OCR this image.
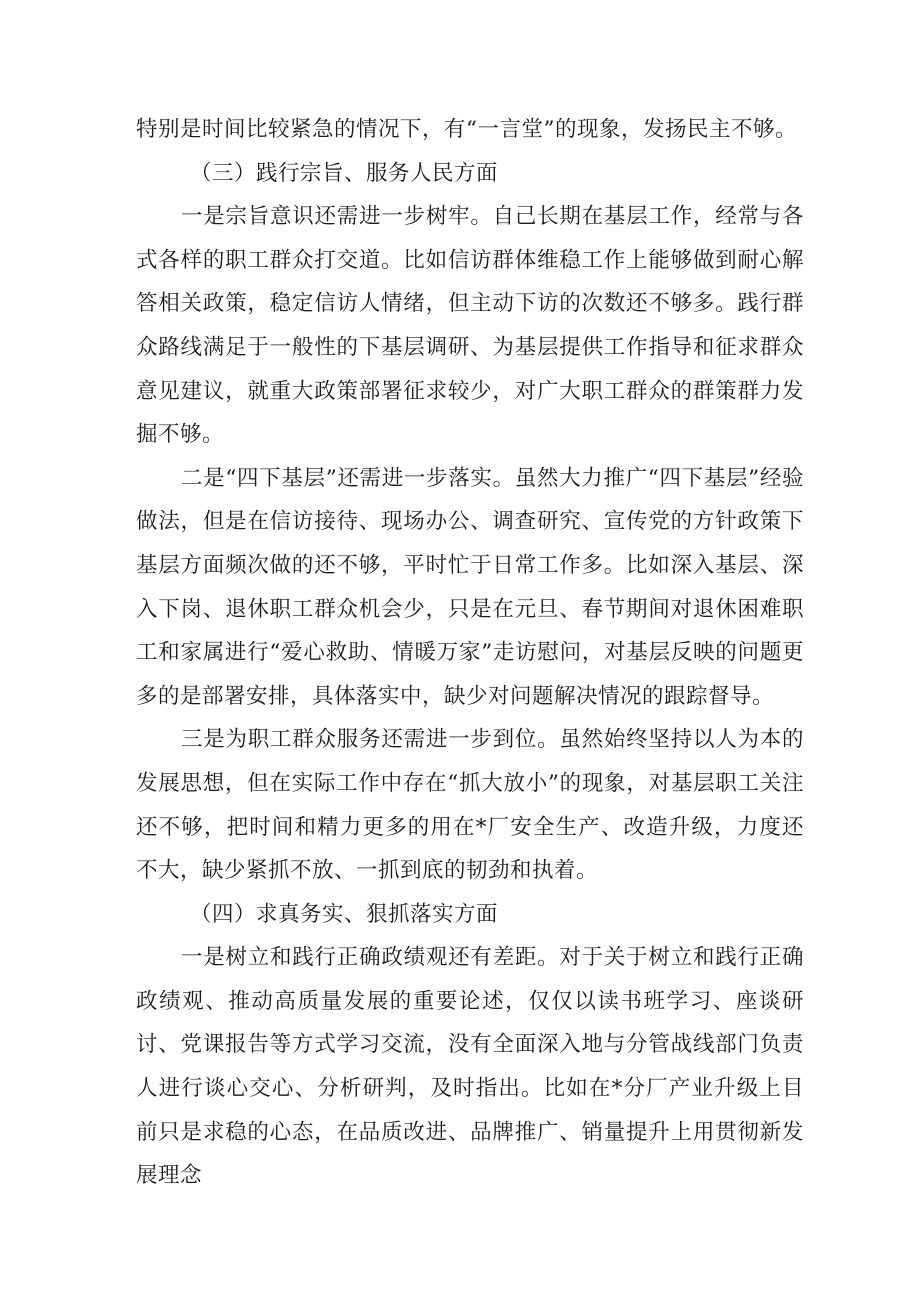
特别是时间比较紧急的情况下，有“一言堂”的现象，发扬民主不够。

（三）践行宗旨、服务人民方面

一是宗旨意识还需进一步树牢。自己长期在基层工作，经常与各式各样的职工群众打交道。比如信访群体维稳工作上能够做到耐心解答相关政策，稳定信访人情绪，但主动下访的次数还不够多。践行群众路线满足于一般性的下基层调研、为基层提供工作指导和征求群众意见建议，就重大政策部署征求较少，对广大职工群众的群策群力发掘不够。

二是“四下基层”还需进一步落实。虽然大力推广“四下基层”经验做法，但是在信访接待、现场办公、调查研究、宣传党的方针政策下基层方面频次做的还不够，平时忙于日常工作多。比如深入基层、深入下岗、退休职工群众机会少，只是在元旦、春节期间对退休困难职工和家属进行“爱心救助、情暖万家”走访慰问，对基层反映的问题更多的是部署安排，具体落实中，缺少对问题解决情况的跟踪督导。

三是为职工群众服务还需进一步到位。虽然始终坚持以人为本的发展思想，但在实际工作中存在“抓大放小”的现象，对基层职工关注还不够，把时间和精力更多的用在*厂安全生产、改造升级，力度还不大，缺少紧抓不放、一抓到底的韧劲和执着。

（四）求真务实、狠抓落实方面

一是树立和践行正确政绩观还有差距。对于关于树立和践行正确政绩观、推动高质量发展的重要论述，仅仅以读书班学习、座谈研讨、党课报告等方式学习交流，没有全面深入地与分管战线部门负责人进行谈心交心、分析研判，及时指出。比如在*分厂产业升级上目前只是求稳的心态，在品质改进、品牌推广、销量提升上用贯彻新发展理念
